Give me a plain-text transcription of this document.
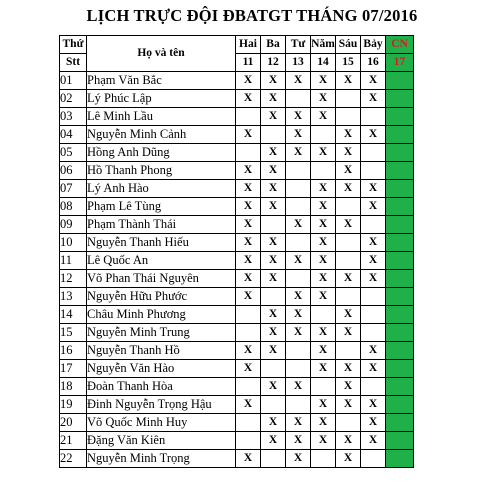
LỊCH TRỰC ĐỘI ĐBATGT THÁNG 07/2016
Thứ	Họ và tên	Hai	Ba	Tư	Năm	Sáu	Bảy	CN
Stt		11	12	13	14	15	16	17
01	Phạm Văn Bắc	X	X	X	X	X	X	
02	Lý Phúc Lập	X	X		X		X	
03	Lê Minh Lầu		X	X	X			
04	Nguyễn Minh Cảnh	X		X		X	X	
05	Hồng Anh Dũng		X	X	X	X		
06	Hồ Thanh Phong	X	X			X		
07	Lý Anh Hào	X	X		X	X	X	
08	Phạm Lê Tùng	X	X		X		X	
09	Phạm Thành Thái	X		X	X	X		
10	Nguyễn Thanh Hiếu	X	X		X		X	
11	Lê Quốc An	X	X	X	X		X	
12	Võ Phan Thái Nguyên	X	X		X	X	X	
13	Nguyễn Hữu Phước	X		X	X			
14	Châu Minh Phương		X	X		X		
15	Nguyễn Minh Trung		X	X	X	X		
16	Nguyễn Thanh Hồ	X	X		X		X	
17	Nguyễn Văn Hào	X			X	X	X	
18	Đoàn Thanh Hòa		X	X		X		
19	Đinh Nguyễn Trọng Hậu	X			X	X	X	
20	Võ Quốc Minh Huy		X	X	X		X	
21	Đặng Văn Kiên		X	X	X	X	X	
22	Nguyễn Minh Trọng	X		X		X		
